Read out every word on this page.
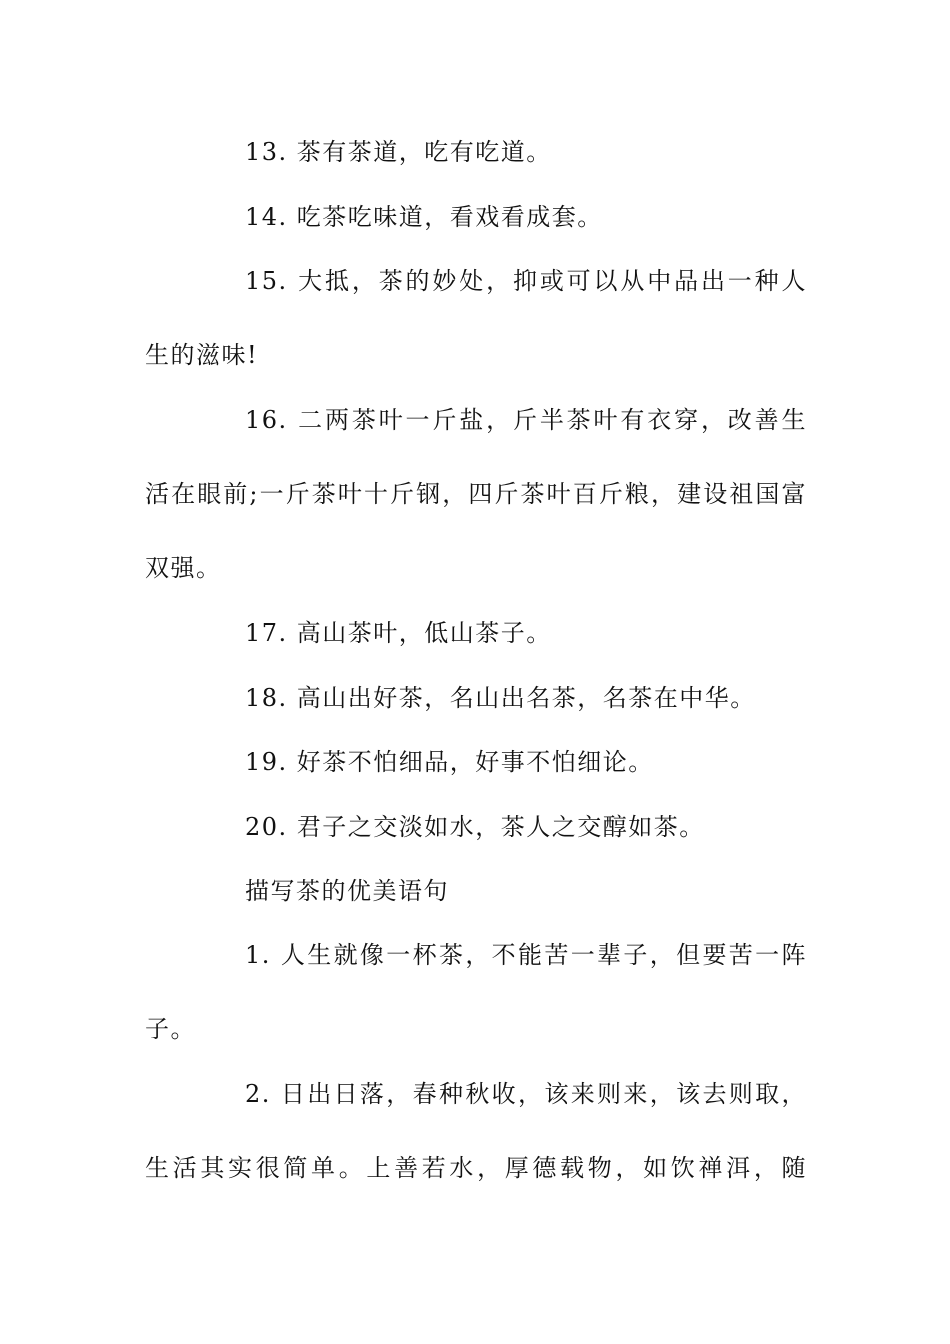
13. 茶有茶道，吃有吃道。
14. 吃茶吃味道，看戏看成套。
15. 大抵，茶的妙处，抑或可以从中品出一种人
生的滋味!
16. 二两茶叶一斤盐，斤半茶叶有衣穿，改善生
活在眼前;一斤茶叶十斤钢，四斤茶叶百斤粮，建设祖国富
双强。
17. 高山茶叶，低山茶子。
18. 高山出好茶，名山出名茶，名茶在中华。
19. 好茶不怕细品，好事不怕细论。
20. 君子之交淡如水，茶人之交醇如茶。
描写茶的优美语句
1. 人生就像一杯茶，不能苦一辈子，但要苦一阵
子。
2. 日出日落，春种秋收，该来则来，该去则取，
生活其实很简单。上善若水，厚德载物，如饮禅洱，随
